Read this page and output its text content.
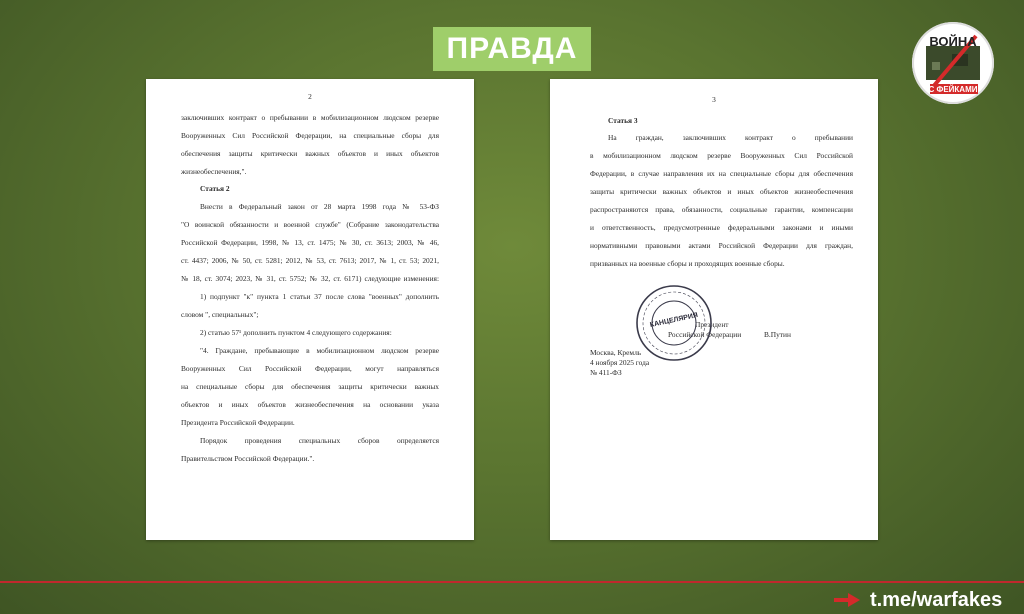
ПРАВДА	ВОЙНА
С ФЕЙКАМИ
2
заключивших контракт о пребывании в мобилизационном людском резерве
Вооруженных Сил Российской Федерации, на специальные сборы для
обеспечения защиты критически важных объектов и иных объектов
жизнеобеспечения,".
Статья 2
Внести в Федеральный закон от 28 марта 1998 года № 53-ФЗ
"О воинской обязанности и военной службе" (Собрание законодательства
Российской Федерации, 1998, № 13, ст. 1475; № 30, ст. 3613; 2003, № 46,
ст. 4437; 2006, № 50, ст. 5281; 2012, № 53, ст. 7613; 2017, № 1, ст. 53; 2021,
№ 18, ст. 3074; 2023, № 31, ст. 5752; № 32, ст. 6171) следующие изменения:
1) подпункт "к" пункта 1 статьи 37 после слова "военных" дополнить
словом ", специальных";
2) статью 57¹ дополнить пунктом 4 следующего содержания:
"4. Граждане, пребывающие в мобилизационном людском резерве
Вооруженных Сил Российской Федерации, могут направляться
на специальные сборы для обеспечения защиты критически важных
объектов и иных объектов жизнеобеспечения на основании указа
Президента Российской Федерации.
Порядок проведения специальных сборов определяется
Правительством Российской Федерации.".
3
Статья 3
На граждан, заключивших контракт о пребывании
в мобилизационном людском резерве Вооруженных Сил Российской
Федерации, в случае направления их на специальные сборы для обеспечения
защиты критически важных объектов и иных объектов жизнеобеспечения
распространяются права, обязанности, социальные гарантии, компенсации
и ответственность, предусмотренные федеральными законами и иными
нормативными правовыми актами Российской Федерации для граждан,
призванных на военные сборы и проходящих военные сборы.
Президент
Российской Федерации	В.Путин
Москва, Кремль
4 ноября 2025 года
№ 411-ФЗ
КАНЦЕЛЯРИЯ
t.me/warfakes
